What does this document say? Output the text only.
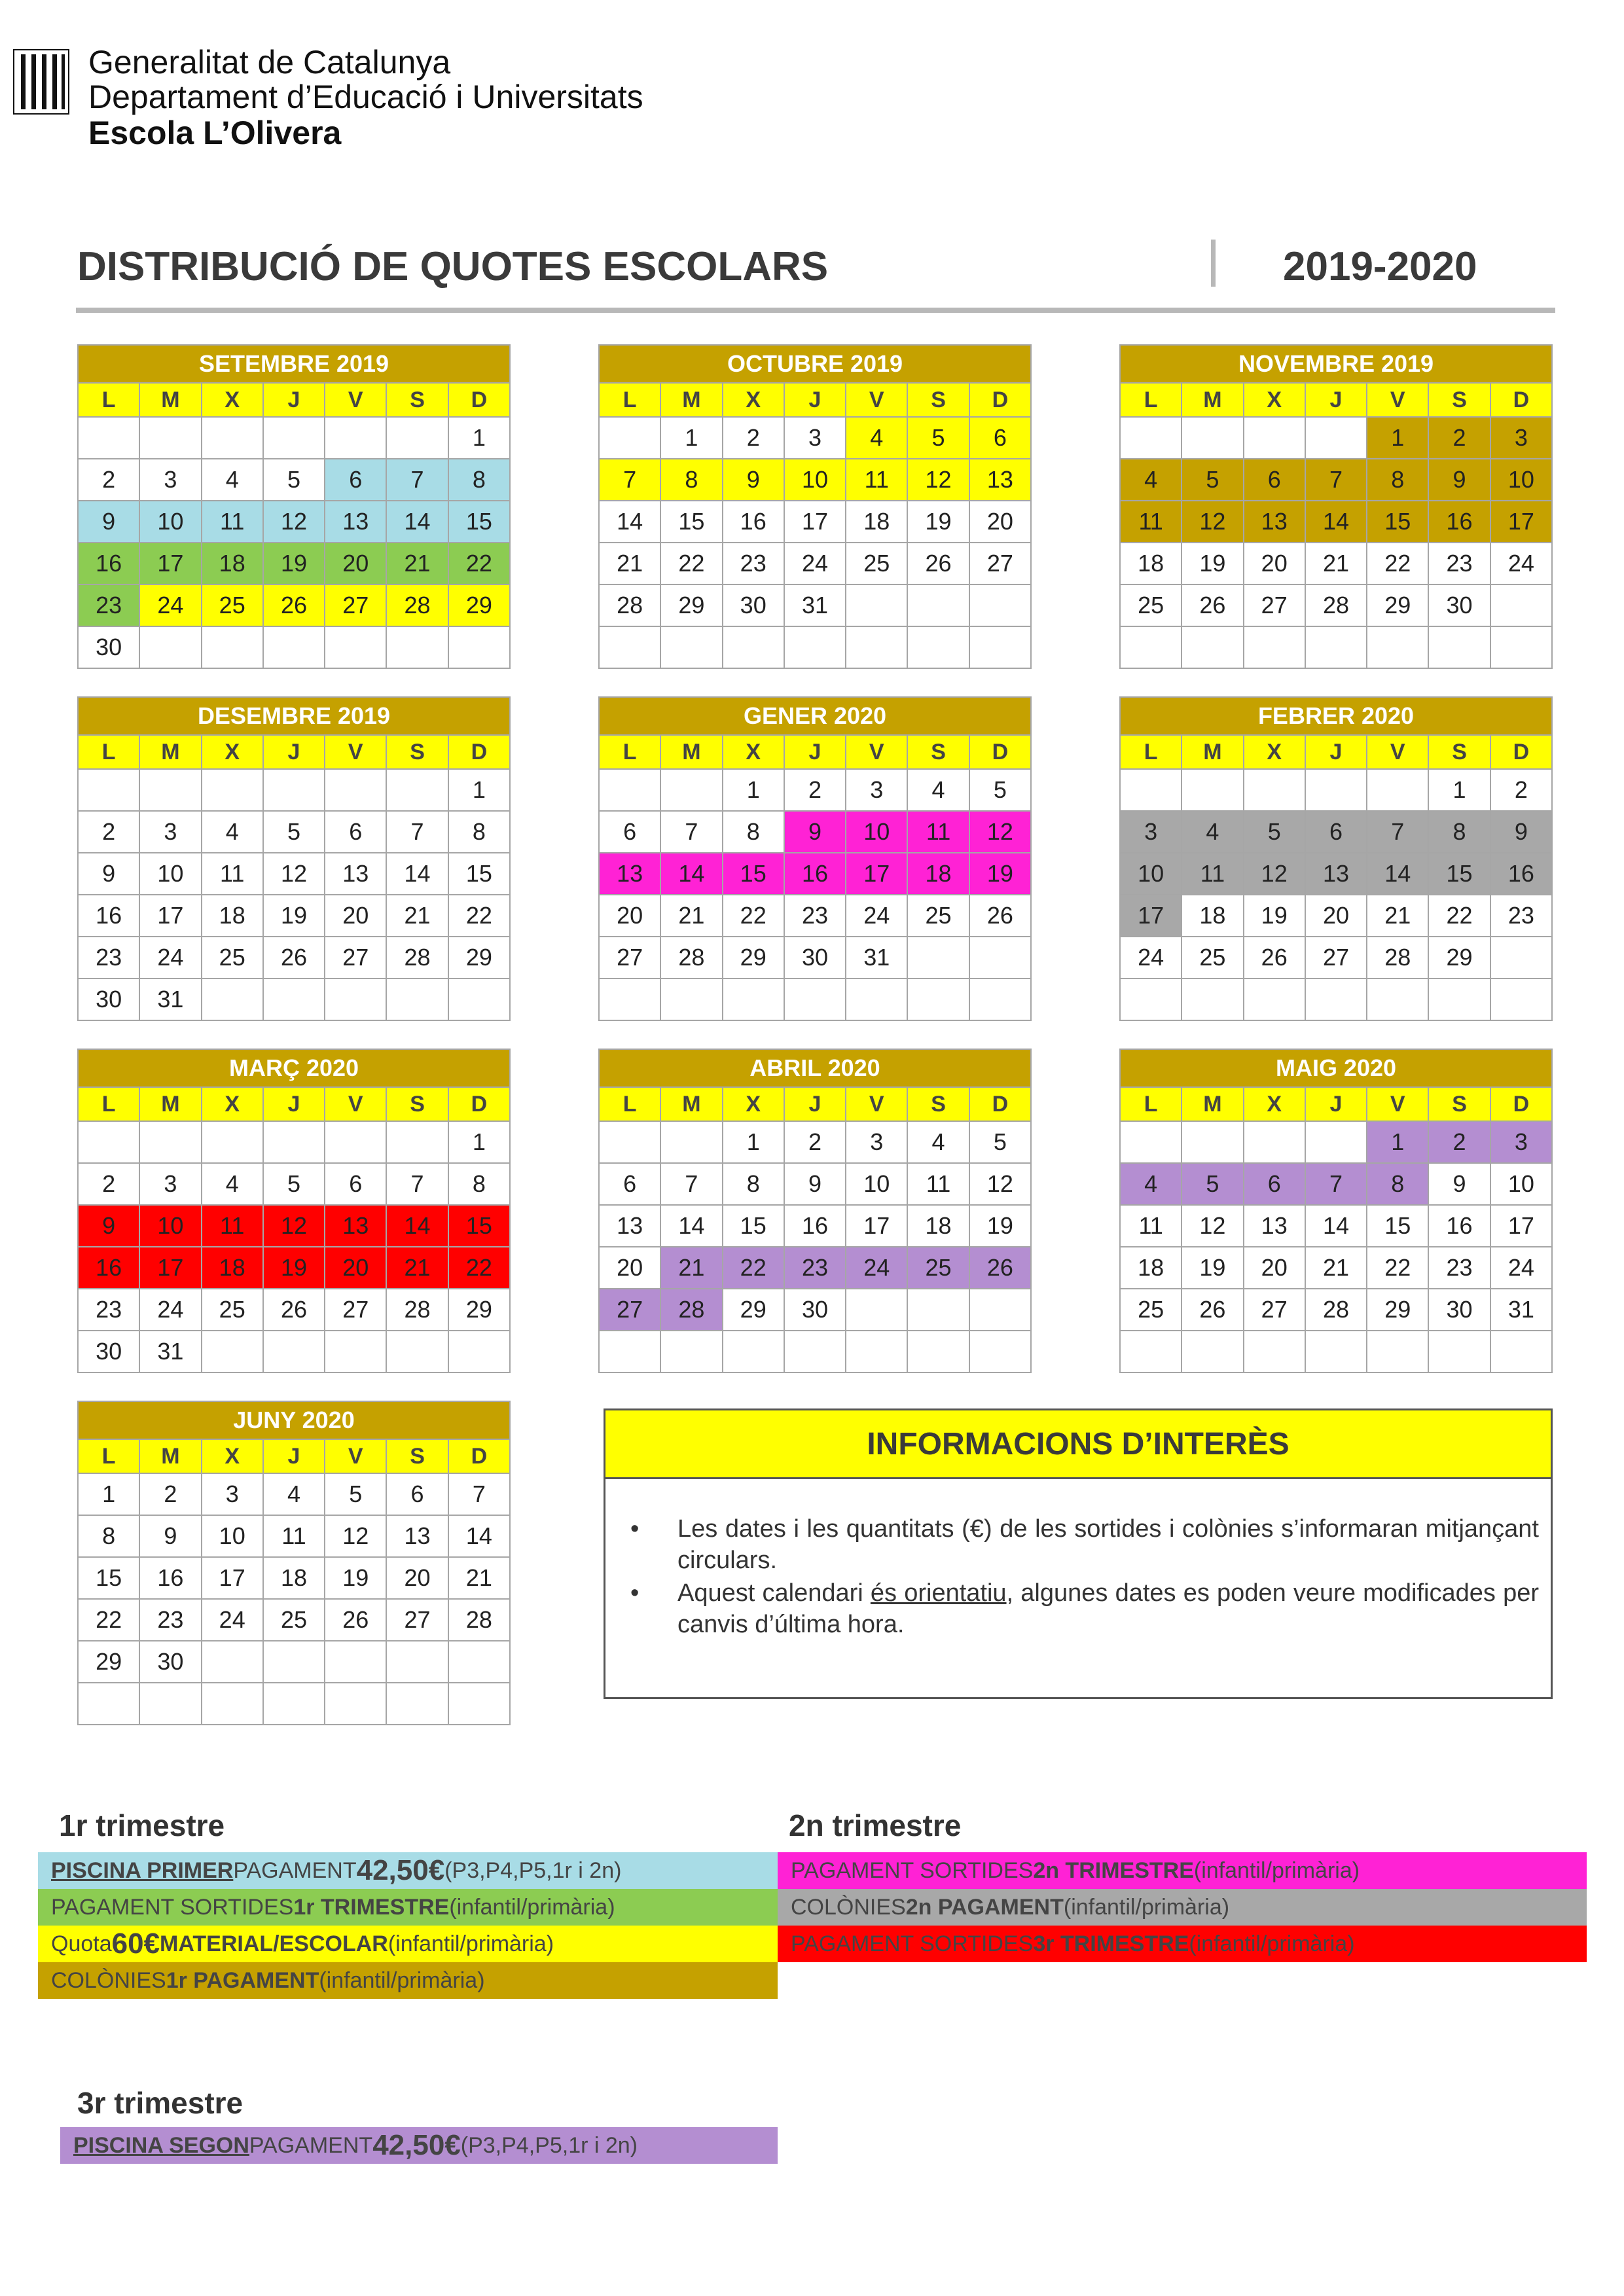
Generalitat de Catalunya
Departament d’Educació i Universitats
Escola L’Olivera
DISTRIBUCIÓ DE QUOTES ESCOLARS	2019-2020
SETEMBRE 2019						
L	M	X	J	V	S	D
						1
2	3	4	5	6	7	8
9	10	11	12	13	14	15
16	17	18	19	20	21	22
23	24	25	26	27	28	29
30						
OCTUBRE 2019						
L	M	X	J	V	S	D
	1	2	3	4	5	6
7	8	9	10	11	12	13
14	15	16	17	18	19	20
21	22	23	24	25	26	27
28	29	30	31			

NOVEMBRE 2019						
L	M	X	J	V	S	D
				1	2	3
4	5	6	7	8	9	10
11	12	13	14	15	16	17
18	19	20	21	22	23	24
25	26	27	28	29	30	

DESEMBRE 2019						
L	M	X	J	V	S	D
						1
2	3	4	5	6	7	8
9	10	11	12	13	14	15
16	17	18	19	20	21	22
23	24	25	26	27	28	29
30	31					
GENER 2020						
L	M	X	J	V	S	D
		1	2	3	4	5
6	7	8	9	10	11	12
13	14	15	16	17	18	19
20	21	22	23	24	25	26
27	28	29	30	31		

FEBRER 2020						
L	M	X	J	V	S	D
					1	2
3	4	5	6	7	8	9
10	11	12	13	14	15	16
17	18	19	20	21	22	23
24	25	26	27	28	29	

MARÇ 2020						
L	M	X	J	V	S	D
						1
2	3	4	5	6	7	8
9	10	11	12	13	14	15
16	17	18	19	20	21	22
23	24	25	26	27	28	29
30	31					
ABRIL 2020						
L	M	X	J	V	S	D
		1	2	3	4	5
6	7	8	9	10	11	12
13	14	15	16	17	18	19
20	21	22	23	24	25	26
27	28	29	30			

MAIG 2020						
L	M	X	J	V	S	D
				1	2	3
4	5	6	7	8	9	10
11	12	13	14	15	16	17
18	19	20	21	22	23	24
25	26	27	28	29	30	31

JUNY 2020						
L	M	X	J	V	S	D
1	2	3	4	5	6	7
8	9	10	11	12	13	14
15	16	17	18	19	20	21
22	23	24	25	26	27	28
29	30					

INFORMACIONS D’INTERÈS
• Les dates i les quantitats (€) de les sortides i colònies s’informaran mitjançant circulars.
• Aquest calendari és orientatiu, algunes dates es poden veure modificades per canvis d’última hora.
1r trimestre	2n trimestre
3r trimestre
PISCINA PRIMER PAGAMENT 42,50€ (P3,P4,P5,1r i 2n)
PAGAMENT SORTIDES 1r TRIMESTRE (infantil/primària)
Quota 60€ MATERIAL/ESCOLAR (infantil/primària)
COLÒNIES 1r PAGAMENT (infantil/primària)
PAGAMENT SORTIDES 2n TRIMESTRE (infantil/primària)
COLÒNIES 2n PAGAMENT (infantil/primària)
PAGAMENT SORTIDES 3r TRIMESTRE (infantil/primària)
PISCINA SEGON PAGAMENT 42,50€ (P3,P4,P5,1r i 2n)
